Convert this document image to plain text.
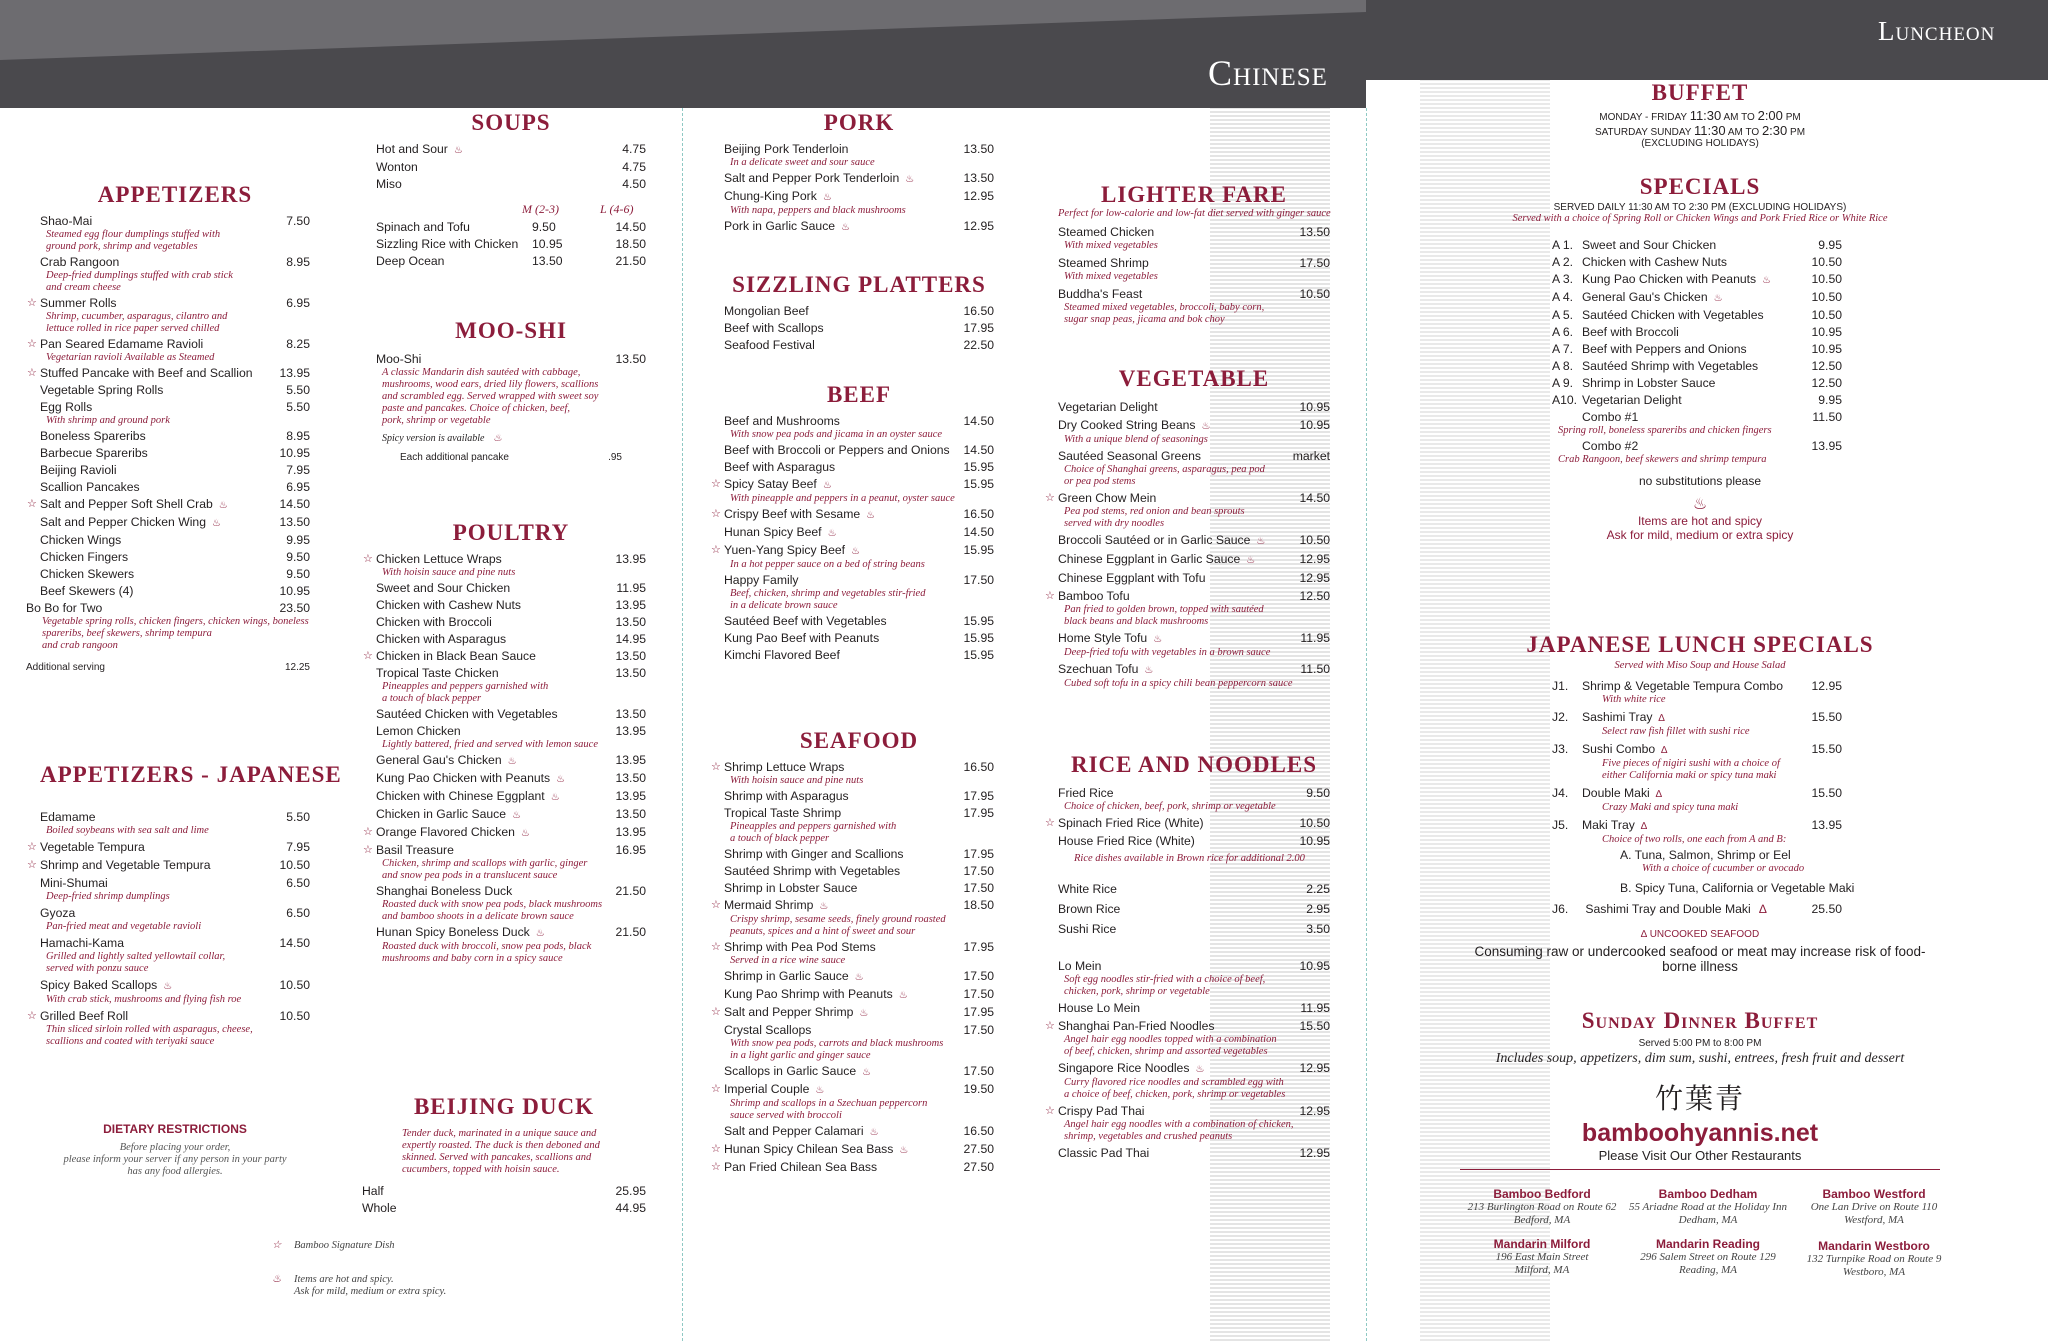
Chinese
Luncheon
APPETIZERS
Shao-Mai	7.50
Steamed egg flour dumplings stuffed with
ground pork, shrimp and vegetables
Crab Rangoon	8.95
Deep-fried dumplings stuffed with crab stick
and cream cheese
☆ Summer Rolls	6.95
Shrimp, cucumber, asparagus, cilantro and
lettuce rolled in rice paper served chilled
☆ Pan Seared Edamame Ravioli	8.25
Vegetarian ravioli Available as Steamed
☆ Stuffed Pancake with Beef and Scallion 13.95
Vegetable Spring Rolls	5.50
Egg Rolls	5.50
With shrimp and ground pork
Boneless Spareribs	8.95
Barbecue Spareribs	10.95
Beijing Ravioli	7.95
Scallion Pancakes	6.95
☆ Salt and Pepper Soft Shell Crab ♨	14.50
Salt and Pepper Chicken Wing ♨	13.50
Chicken Wings	9.95
Chicken Fingers	9.50
Chicken Skewers	9.50
Beef Skewers (4)	10.95
Bo Bo for Two	23.50
Vegetable spring rolls, chicken fingers, chicken wings, boneless
spareribs, beef skewers, shrimp tempura
and crab rangoon
Additional serving	12.25
APPETIZERS - JAPANESE
Edamame	5.50
Boiled soybeans with sea salt and lime
☆ Vegetable Tempura	7.95
☆ Shrimp and Vegetable Tempura	10.50
Mini-Shumai	6.50
Deep-fried shrimp dumplings
Gyoza	6.50
Pan-fried meat and vegetable ravioli
Hamachi-Kama	14.50
Grilled and lightly salted yellowtail collar,
served with ponzu sauce
Spicy Baked Scallops ♨	10.50
With crab stick, mushrooms and flying fish roe
☆ Grilled Beef Roll	10.50
Thin sliced sirloin rolled with asparagus, cheese,
scallions and coated with teriyaki sauce
DIETARY RESTRICTIONS
Before placing your order,
please inform your server if any person in your party
has any food allergies.
SOUPS
Hot and Sour ♨	4.75
Wonton	4.75
Miso	4.50
M (2-3)	L (4-6)
Spinach and Tofu	9.50	14.50
Sizzling Rice with Chicken 10.95	18.50
Deep Ocean	13.50	21.50
MOO-SHI
Moo-Shi	13.50
A classic Mandarin dish sautéed with cabbage,
mushrooms, wood ears, dried lily flowers, scallions
and scrambled egg. Served wrapped with sweet soy
paste and pancakes. Choice of chicken, beef,
pork, shrimp or vegetable
Spicy version is available ♨
Each additional pancake	.95
POULTRY
☆ Chicken Lettuce Wraps	13.95
With hoisin sauce and pine nuts
Sweet and Sour Chicken	11.95
Chicken with Cashew Nuts	13.95
Chicken with Broccoli	13.50
Chicken with Asparagus	14.95
☆ Chicken in Black Bean Sauce	13.50
Tropical Taste Chicken	13.50
Pineapples and peppers garnished with
a touch of black pepper
Sautéed Chicken with Vegetables	13.50
Lemon Chicken	13.95
Lightly battered, fried and served with lemon sauce
General Gau's Chicken ♨	13.95
Kung Pao Chicken with Peanuts ♨	13.50
Chicken with Chinese Eggplant ♨	13.95
Chicken in Garlic Sauce ♨	13.50
☆ Orange Flavored Chicken ♨	13.95
☆ Basil Treasure	16.95
Chicken, shrimp and scallops with garlic, ginger
and snow pea pods in a translucent sauce
Shanghai Boneless Duck	21.50
Roasted duck with snow pea pods, black mushrooms
and bamboo shoots in a delicate brown sauce
Hunan Spicy Boneless Duck ♨	21.50
Roasted duck with broccoli, snow pea pods, black
mushrooms and baby corn in a spicy sauce
BEIJING DUCK
Tender duck, marinated in a unique sauce and
expertly roasted. The duck is then deboned and
skinned. Served with pancakes, scallions and
cucumbers, topped with hoisin sauce.
Half	25.95
Whole	44.95
☆ Bamboo Signature Dish

♨ Items are hot and spicy.
Ask for mild, medium or extra spicy.

PORK
Beijing Pork Tenderloin	13.50
In a delicate sweet and sour sauce
Salt and Pepper Pork Tenderloin ♨	13.50
Chung-King Pork ♨	12.95
With napa, peppers and black mushrooms
Pork in Garlic Sauce ♨	12.95
SIZZLING PLATTERS
Mongolian Beef	16.50
Beef with Scallops	17.95
Seafood Festival	22.50
BEEF
Beef and Mushrooms	14.50
With snow pea pods and jicama in an oyster sauce
Beef with Broccoli or Peppers and Onions 14.50
Beef with Asparagus	15.95
☆ Spicy Satay Beef ♨	15.95
With pineapple and peppers in a peanut, oyster sauce
☆ Crispy Beef with Sesame ♨	16.50
Hunan Spicy Beef ♨	14.50
☆ Yuen-Yang Spicy Beef ♨	15.95
In a hot pepper sauce on a bed of string beans
Happy Family	17.50
Beef, chicken, shrimp and vegetables stir-fried
in a delicate brown sauce
Sautéed Beef with Vegetables	15.95
Kung Pao Beef with Peanuts	15.95
Kimchi Flavored Beef	15.95
SEAFOOD
☆ Shrimp Lettuce Wraps	16.50
With hoisin sauce and pine nuts
Shrimp with Asparagus	17.95
Tropical Taste Shrimp	17.95
Pineapples and peppers garnished with
a touch of black pepper
Shrimp with Ginger and Scallions	17.95
Sautéed Shrimp with Vegetables	17.50
Shrimp in Lobster Sauce	17.50
☆ Mermaid Shrimp ♨	18.50
Crispy shrimp, sesame seeds, finely ground roasted
peanuts, spices and a hint of sweet and sour
☆ Shrimp with Pea Pod Stems	17.95
Served in a rice wine sauce
Shrimp in Garlic Sauce ♨	17.50
Kung Pao Shrimp with Peanuts ♨	17.50
☆ Salt and Pepper Shrimp ♨	17.95
Crystal Scallops	17.50
With snow pea pods, carrots and black mushrooms
in a light garlic and ginger sauce
Scallops in Garlic Sauce ♨	17.50
☆ Imperial Couple ♨	19.50
Shrimp and scallops in a Szechuan peppercorn
sauce served with broccoli
Salt and Pepper Calamari ♨	16.50
☆ Hunan Spicy Chilean Sea Bass ♨	27.50
☆ Pan Fried Chilean Sea Bass	27.50
LIGHTER FARE
Perfect for low-calorie and low-fat diet served with ginger sauce
Steamed Chicken	13.50
With mixed vegetables
Steamed Shrimp	17.50
With mixed vegetables
Buddha's Feast	10.50
Steamed mixed vegetables, broccoli, baby corn,
sugar snap peas, jicama and bok choy
VEGETABLE
Vegetarian Delight	10.95
Dry Cooked String Beans ♨	10.95
With a unique blend of seasonings
Sautéed Seasonal Greens	market
Choice of Shanghai greens, asparagus, pea pod
or pea pod stems
☆ Green Chow Mein	14.50
Pea pod stems, red onion and bean sprouts
served with dry noodles
Broccoli Sautéed or in Garlic Sauce ♨	10.50
Chinese Eggplant in Garlic Sauce ♨	12.95
Chinese Eggplant with Tofu	12.95
☆ Bamboo Tofu	12.50
Pan fried to golden brown, topped with sautéed
black beans and black mushrooms
Home Style Tofu ♨	11.95
Deep-fried tofu with vegetables in a brown sauce
Szechuan Tofu ♨	11.50
Cubed soft tofu in a spicy chili bean peppercorn sauce
RICE AND NOODLES
Fried Rice	9.50
Choice of chicken, beef, pork, shrimp or vegetable
☆ Spinach Fried Rice (White)	10.50
House Fried Rice (White)	10.95
Rice dishes available in Brown rice for additional 2.00
White Rice	2.25
Brown Rice	2.95
Sushi Rice	3.50
Lo Mein	10.95
Soft egg noodles stir-fried with a choice of beef,
chicken, pork, shrimp or vegetable
House Lo Mein	11.95
☆ Shanghai Pan-Fried Noodles	15.50
Angel hair egg noodles topped with a combination
of beef, chicken, shrimp and assorted vegetables
Singapore Rice Noodles ♨	12.95
Curry flavored rice noodles and scrambled egg with
a choice of beef, chicken, pork, shrimp or vegetables
☆ Crispy Pad Thai	12.95
Angel hair egg noodles with a combination of chicken,
shrimp, vegetables and crushed peanuts
Classic Pad Thai	12.95
BUFFET
MONDAY - FRIDAY 11:30 AM TO 2:00 PM
SATURDAY SUNDAY 11:30 AM TO 2:30 PM
(EXCLUDING HOLIDAYS)
SPECIALS
SERVED DAILY 11:30 AM TO 2:30 PM (EXCLUDING HOLIDAYS)
Served with a choice of Spring Roll or Chicken Wings and Pork Fried Rice or White Rice
A 1. Sweet and Sour Chicken	9.95
A 2. Chicken with Cashew Nuts	10.50
A 3. Kung Pao Chicken with Peanuts ♨	10.50
A 4. General Gau's Chicken ♨	10.50
A 5. Sautéed Chicken with Vegetables	10.50
A 6. Beef with Broccoli	10.95
A 7. Beef with Peppers and Onions	10.95
A 8. Sautéed Shrimp with Vegetables	12.50
A 9. Shrimp in Lobster Sauce	12.50
A10. Vegetarian Delight	9.95
Combo #1	11.50
Spring roll, boneless spareribs and chicken fingers
Combo #2	13.95
Crab Rangoon, beef skewers and shrimp tempura
no substitutions please
♨
Items are hot and spicy
Ask for mild, medium or extra spicy
JAPANESE LUNCH SPECIALS
Served with Miso Soup and House Salad
J1. Shrimp & Vegetable Tempura Combo 12.95
With white rice
J2. Sashimi Tray ∆	15.50
Select raw fish fillet with sushi rice
J3. Sushi Combo ∆	15.50
Five pieces of nigiri sushi with a choice of
either California maki or spicy tuna maki
J4. Double Maki ∆	15.50
Crazy Maki and spicy tuna maki
J5. Maki Tray ∆	13.95
Choice of two rolls, one each from A and B:
A. Tuna, Salmon, Shrimp or Eel
With a choice of cucumber or avocado
B. Spicy Tuna, California or Vegetable Maki
J6. Sashimi Tray and Double Maki ∆	25.50
∆ UNCOOKED SEAFOOD
Consuming raw or undercooked seafood or meat may increase risk of food-borne illness
Sunday Dinner Buffet
Served 5:00 PM to 8:00 PM
Includes soup, appetizers, dim sum, sushi, entrees, fresh fruit and dessert
竹葉青
bamboohyannis.net
Please Visit Our Other Restaurants
Bamboo Bedford
213 Burlington Road on Route 62
Bedford, MA
Bamboo Dedham
55 Ariadne Road at the Holiday Inn
Dedham, MA
Bamboo Westford
One Lan Drive on Route 110
Westford, MA
Mandarin Milford
196 East Main Street
Milford, MA
Mandarin Reading
296 Salem Street on Route 129
Reading, MA
Mandarin Westboro
132 Turnpike Road on Route 9
Westboro, MA
